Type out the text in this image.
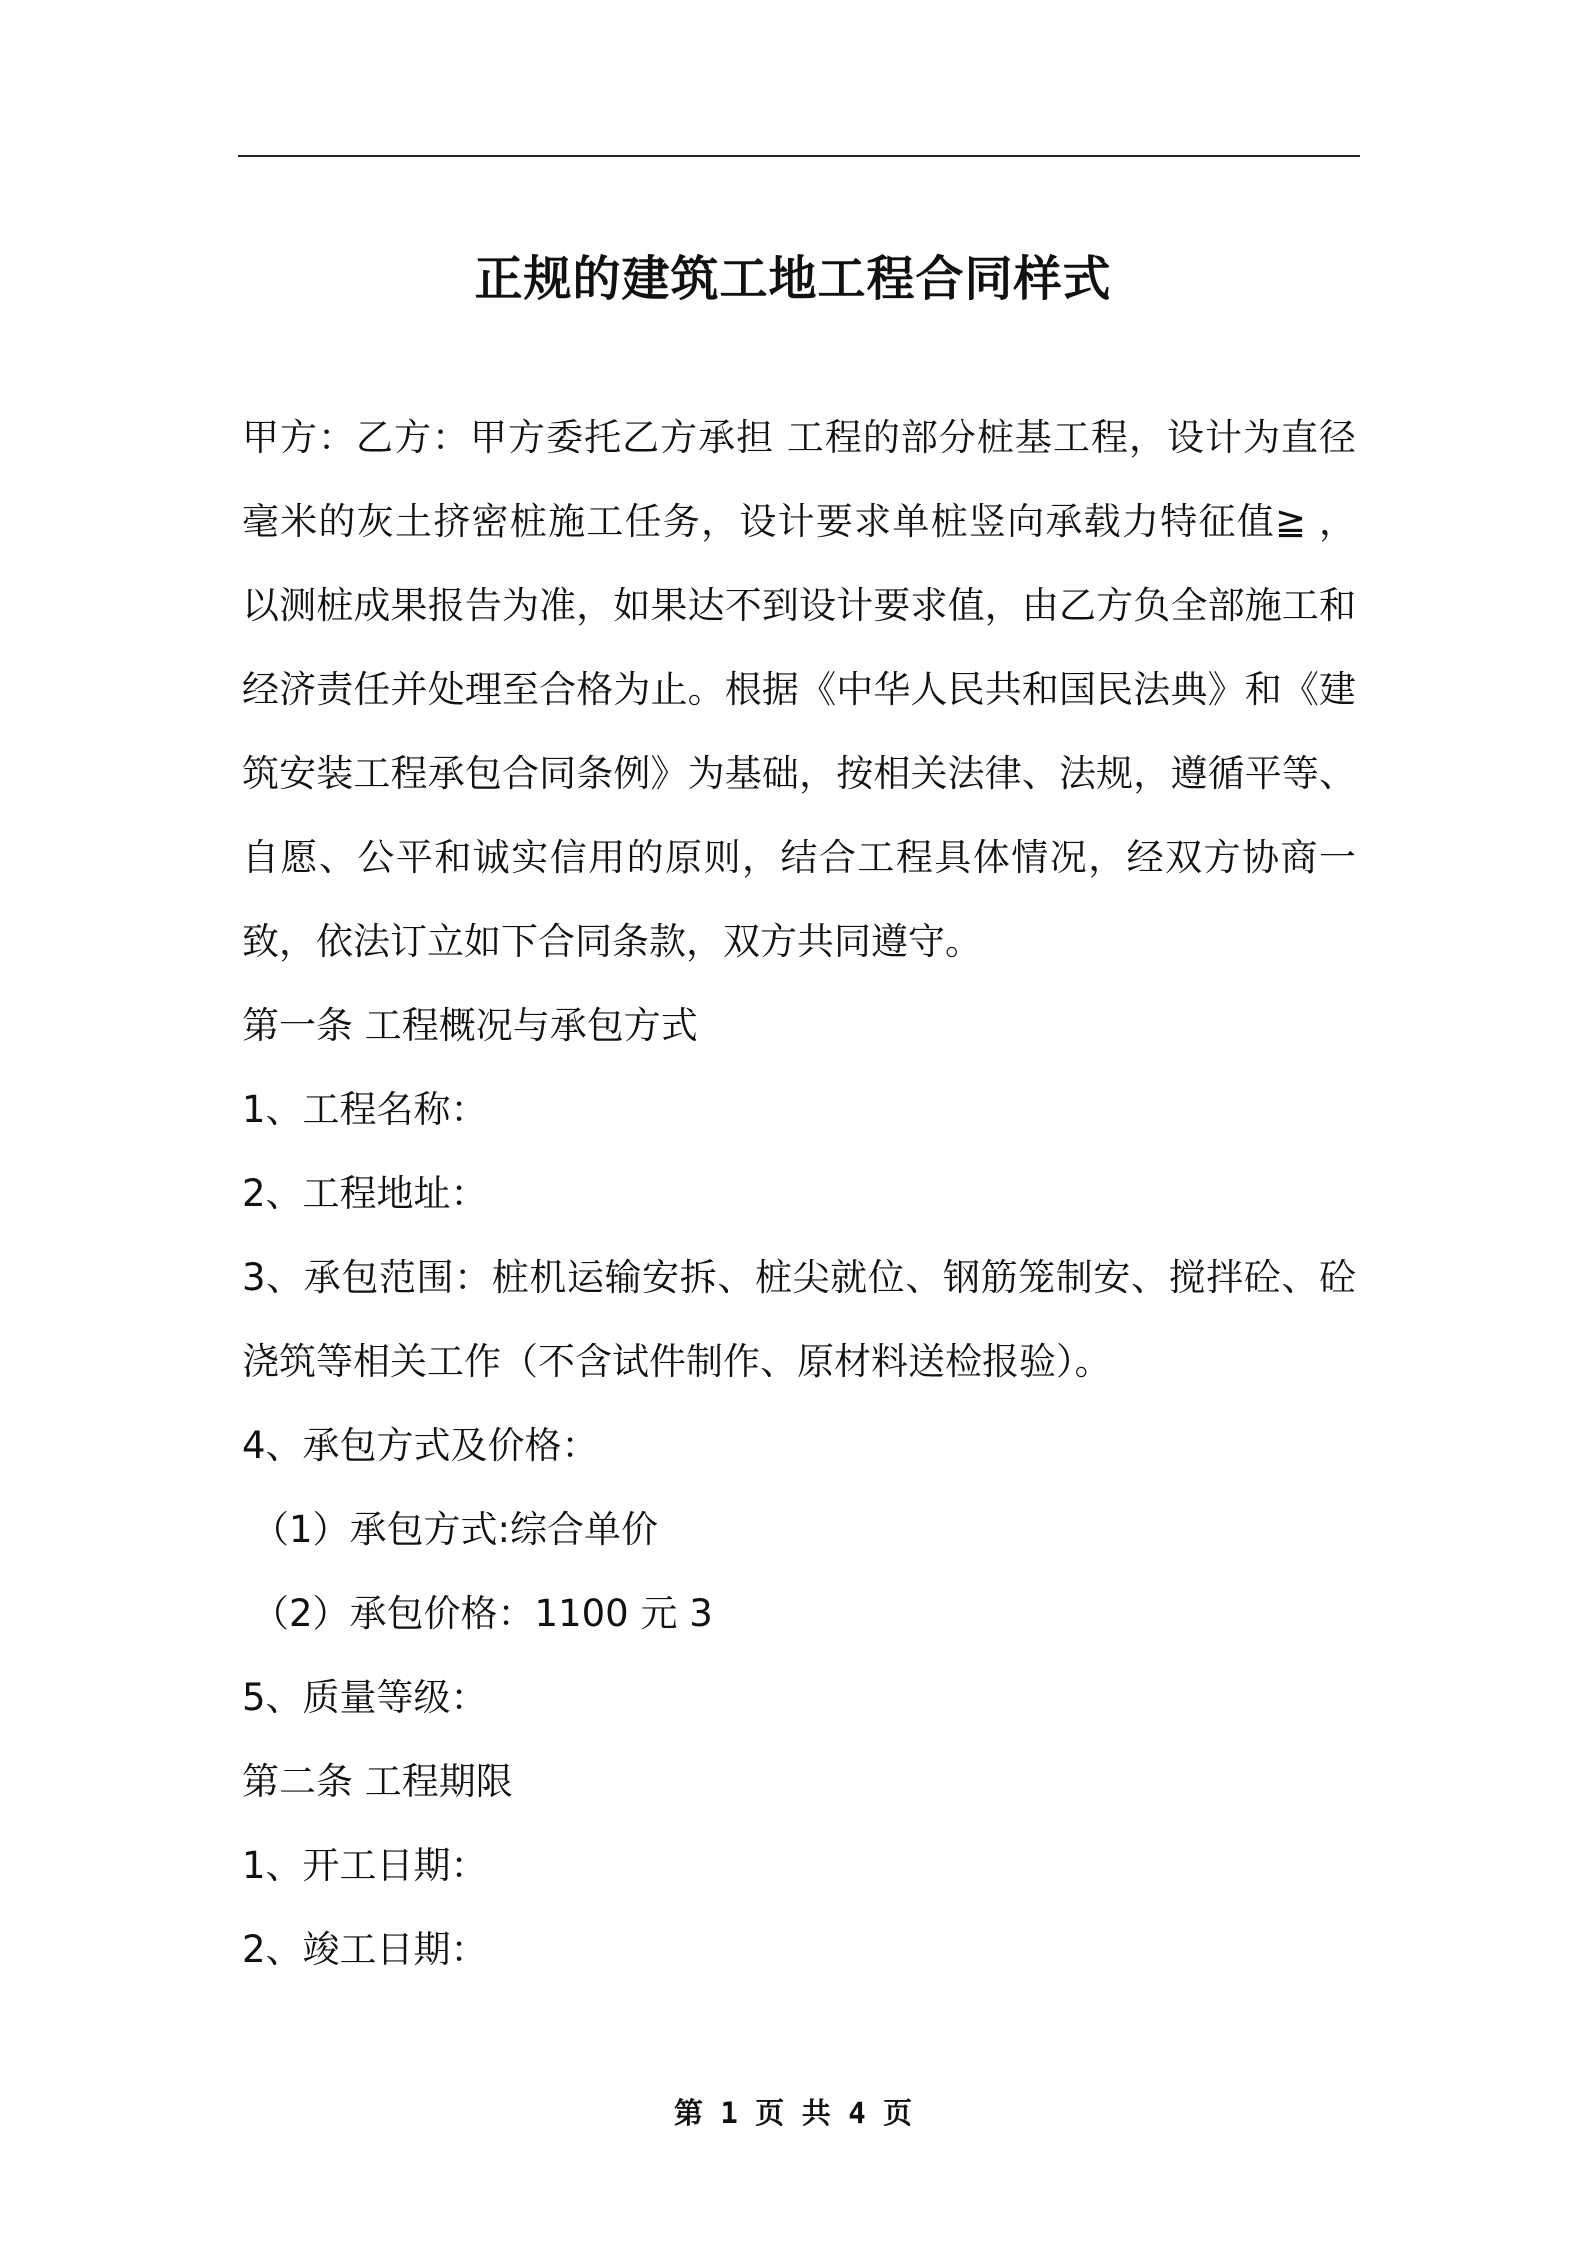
正规的建筑工地工程合同样式

甲方：乙方：甲方委托乙方承担 工程的部分桩基工程，设计为直径 毫米的灰土挤密桩施工任务，设计要求单桩竖向承载力特征值≧ ，以测桩成果报告为准，如果达不到设计要求值，由乙方负全部施工和经济责任并处理至合格为止。根据《中华人民共和国民法典》和《建筑安装工程承包合同条例》为基础，按相关法律、法规，遵循平等、自愿、公平和诚实信用的原则，结合工程具体情况，经双方协商一致，依法订立如下合同条款，双方共同遵守。

第一条 工程概况与承包方式

1、工程名称：

2、工程地址：

3、承包范围：桩机运输安拆、桩尖就位、钢筋笼制安、搅拌砼、砼浇筑等相关工作（不含试件制作、原材料送检报验）。

4、承包方式及价格：

（1）承包方式:综合单价

（2）承包价格：1100 元 3

5、质量等级：

第二条 工程期限

1、开工日期：

2、竣工日期：

第 1 页 共 4 页
